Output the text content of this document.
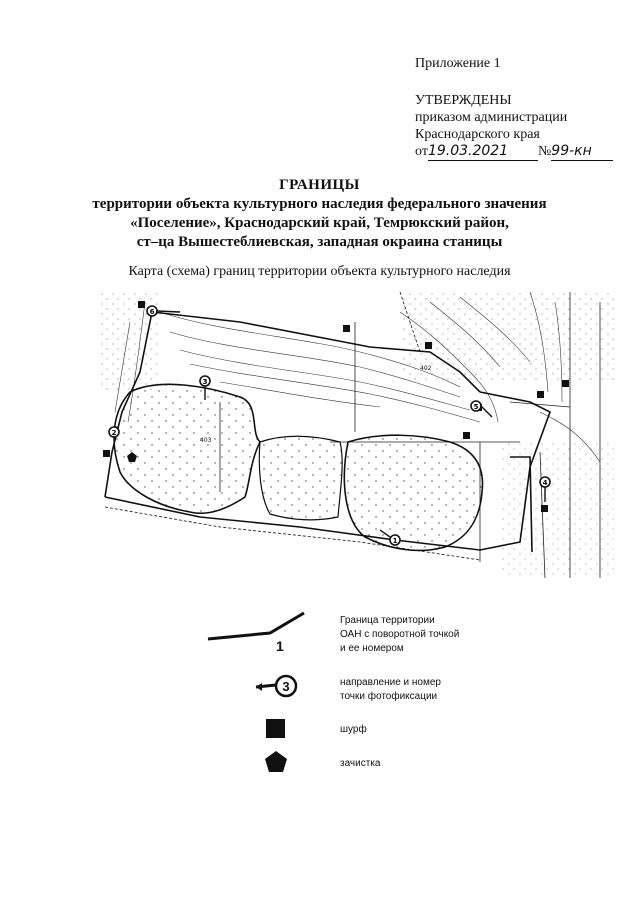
Приложение 1
УТВЕРЖДЕНЫ
приказом администрации
Краснодарского края
от19.03.2021 №99-кн
ГРАНИЦЫ
территории объекта культурного наследия федерального значения
«Поселение», Краснодарский край, Темрюкский район,
ст–ца Вышестеблиевская, западная окраина станицы
Карта (схема) границ территории объекта культурного наследия
403
402
6
3
2
5
4
1
1
Граница территории
ОАН с поворотной точкой
и ее номером
3	направление и номер
точки фотофиксации
шурф
зачистка
